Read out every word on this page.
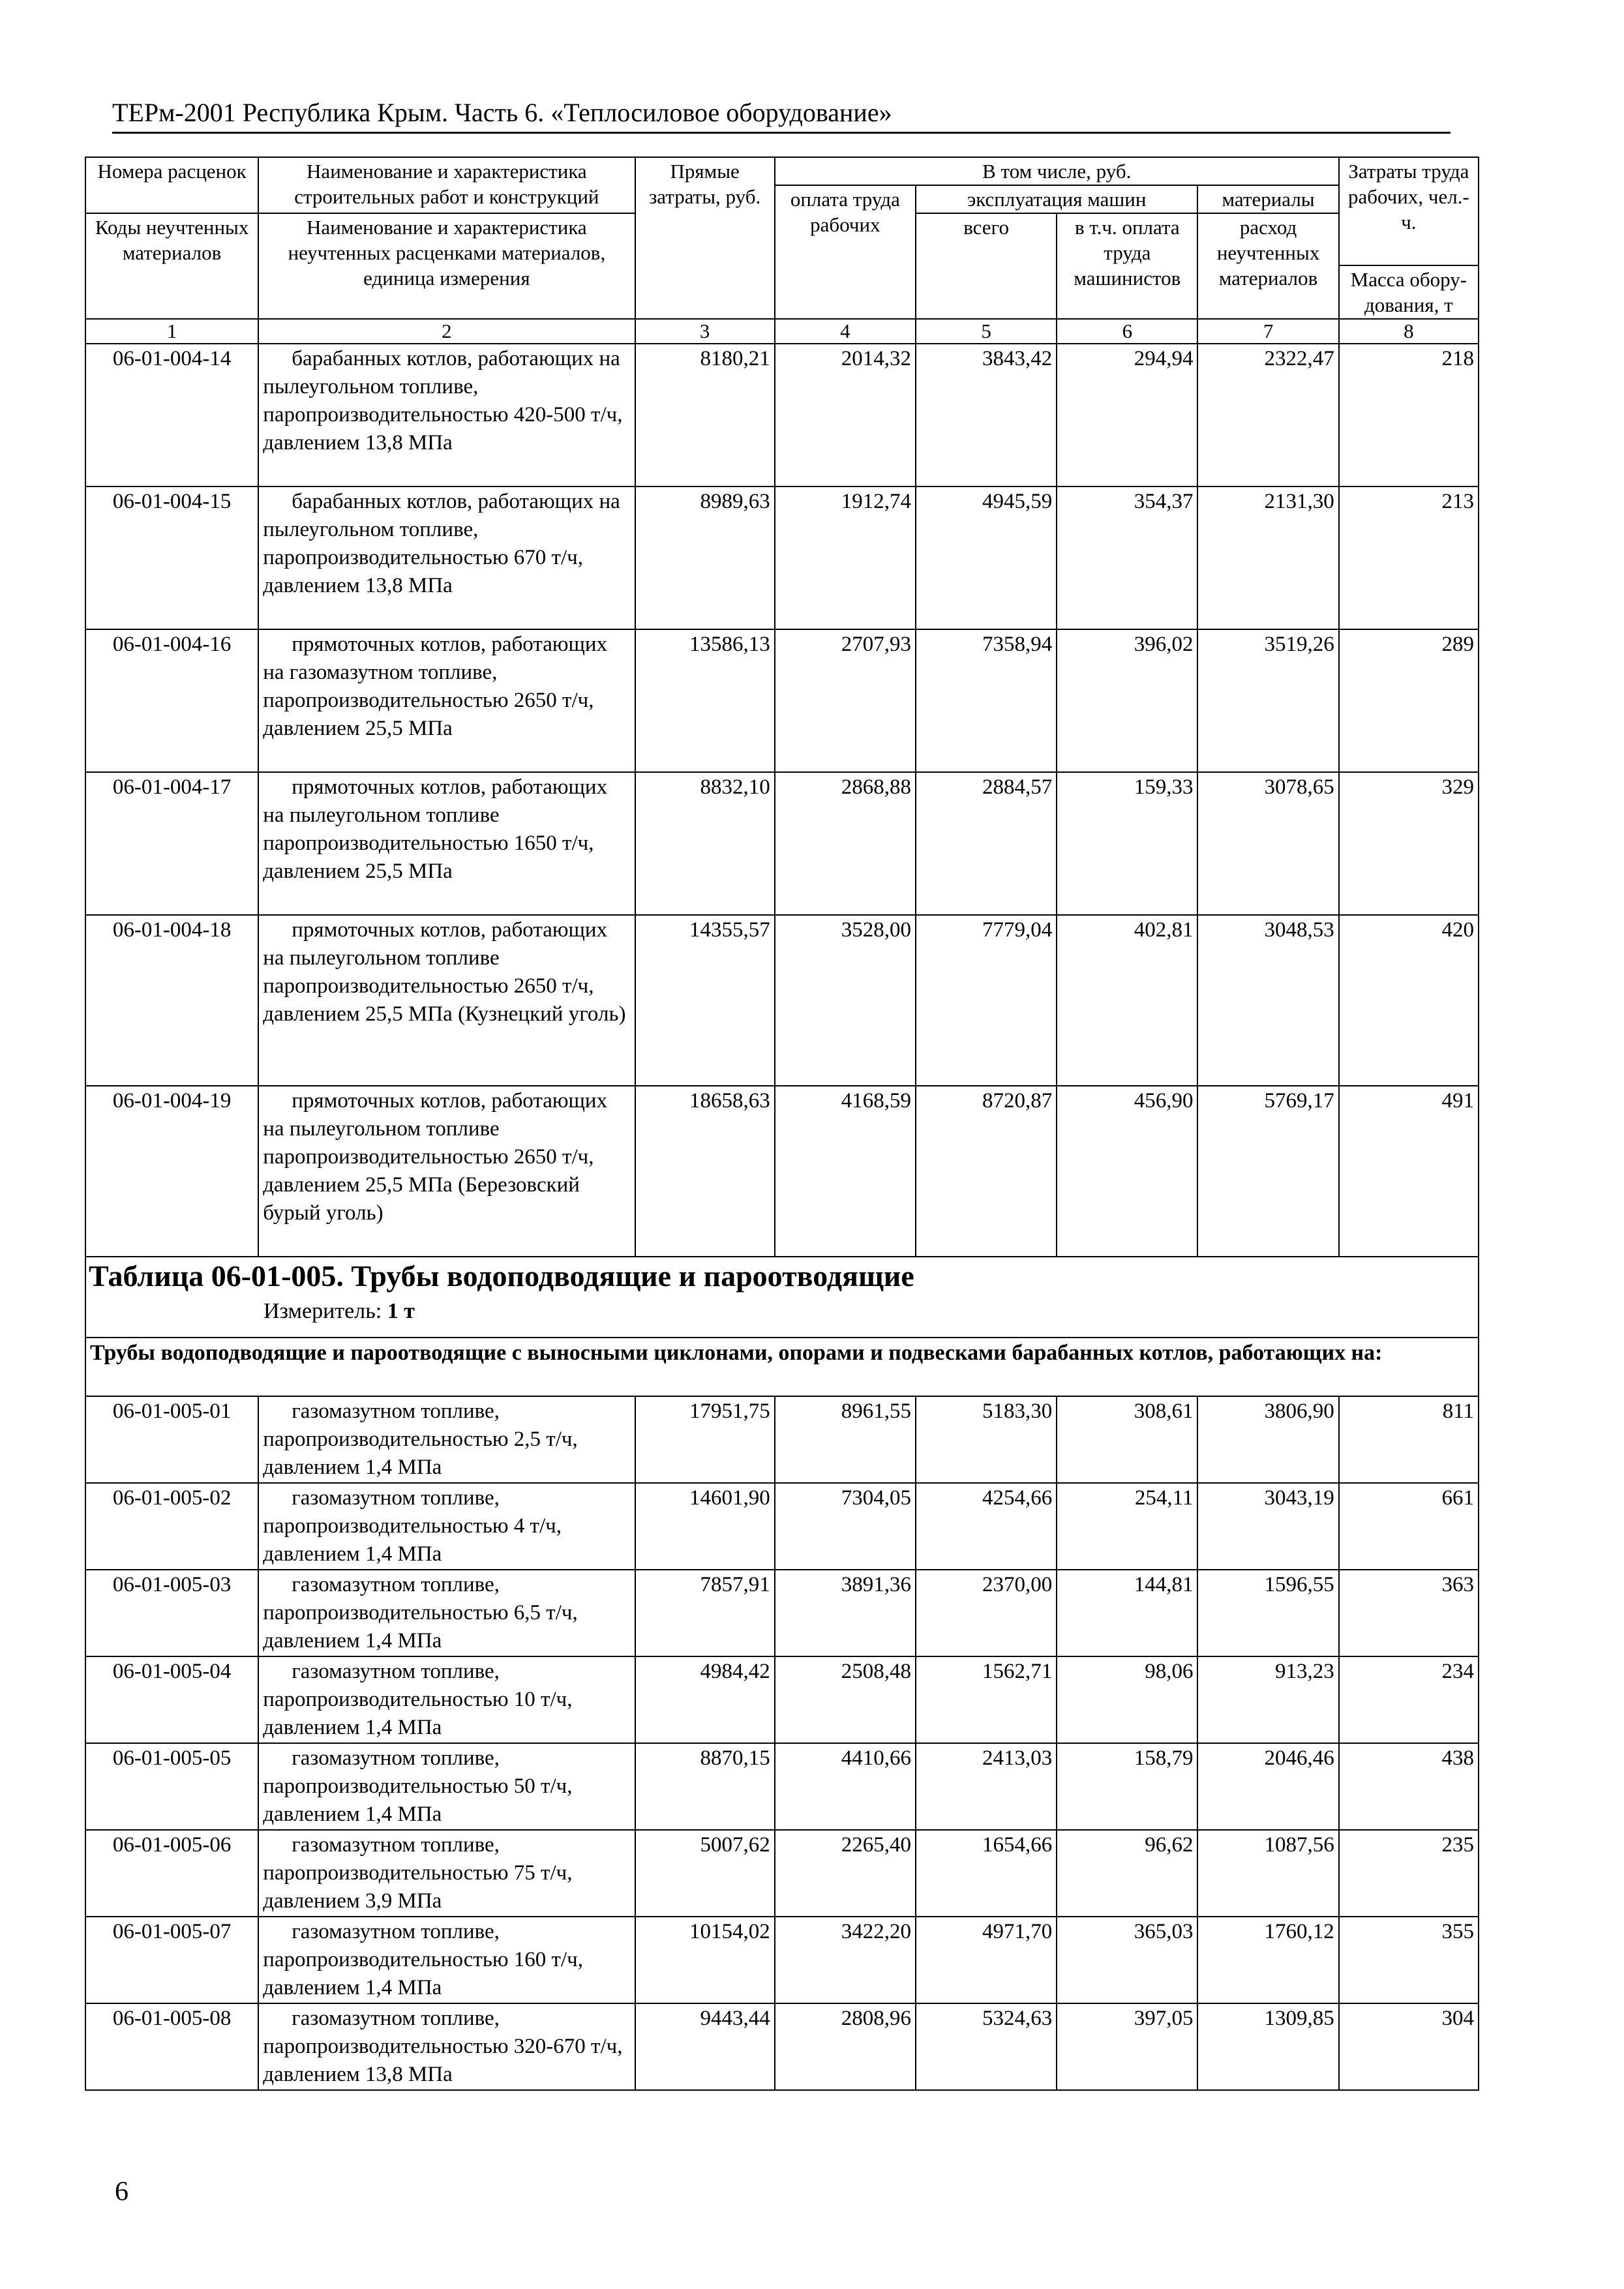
ТЕРм-2001 Республика Крым. Часть 6. «Теплосиловое оборудование»
Номера расценок	Наименование и характеристика строительных работ и конструкций	Прямые затраты, руб.	В том числе, руб.				Затраты труда рабочих, чел.-ч.
			оплата труда рабочих	эксплуатация машин		материалы	
Коды неучтенных материалов	Наименование и характеристика неучтенных расценками материалов, единица измерения			всего	в т.ч. оплата труда машинистов	расход неучтенных материалов	
							Масса обору-дования, т
1	2	3	4	5	6	7	8
06-01-004-14	барабанных котлов, работающих на пылеугольном топливе, паропроизводительностью 420-500 т/ч, давлением 13,8 МПа	8180,21	2014,32	3843,42	294,94	2322,47	218
06-01-004-15	барабанных котлов, работающих на пылеугольном топливе, паропроизводительностью 670 т/ч, давлением 13,8 МПа	8989,63	1912,74	4945,59	354,37	2131,30	213
06-01-004-16	прямоточных котлов, работающих на газомазутном топливе, паропроизводительностью 2650 т/ч, давлением 25,5 МПа	13586,13	2707,93	7358,94	396,02	3519,26	289
06-01-004-17	прямоточных котлов, работающих на пылеугольном топливе паропроизводительностью 1650 т/ч, давлением 25,5 МПа	8832,10	2868,88	2884,57	159,33	3078,65	329
06-01-004-18	прямоточных котлов, работающих на пылеугольном топливе паропроизводительностью 2650 т/ч, давлением 25,5 МПа (Кузнецкий уголь)	14355,57	3528,00	7779,04	402,81	3048,53	420
06-01-004-19	прямоточных котлов, работающих на пылеугольном топливе паропроизводительностью 2650 т/ч, давлением 25,5 МПа (Березовский бурый уголь)	18658,63	4168,59	8720,87	456,90	5769,17	491

Таблица 06-01-005. Трубы водоподводящие и пароотводящие
Измеритель: 1 т							

Трубы водоподводящие и пароотводящие с выносными циклонами, опорами и подвесками барабанных котлов, работающих на:							
06-01-005-01	газомазутном топливе, паропроизводительностью 2,5 т/ч, давлением 1,4 МПа	17951,75	8961,55	5183,30	308,61	3806,90	811
06-01-005-02	газомазутном топливе, паропроизводительностью 4 т/ч, давлением 1,4 МПа	14601,90	7304,05	4254,66	254,11	3043,19	661
06-01-005-03	газомазутном топливе, паропроизводительностью 6,5 т/ч, давлением 1,4 МПа	7857,91	3891,36	2370,00	144,81	1596,55	363
06-01-005-04	газомазутном топливе, паропроизводительностью 10 т/ч, давлением 1,4 МПа	4984,42	2508,48	1562,71	98,06	913,23	234
06-01-005-05	газомазутном топливе, паропроизводительностью 50 т/ч, давлением 1,4 МПа	8870,15	4410,66	2413,03	158,79	2046,46	438
06-01-005-06	газомазутном топливе, паропроизводительностью 75 т/ч, давлением 3,9 МПа	5007,62	2265,40	1654,66	96,62	1087,56	235
06-01-005-07	газомазутном топливе, паропроизводительностью 160 т/ч, давлением 1,4 МПа	10154,02	3422,20	4971,70	365,03	1760,12	355
06-01-005-08	газомазутном топливе, паропроизводительностью 320-670 т/ч, давлением 13,8 МПа	9443,44	2808,96	5324,63	397,05	1309,85	304
6
